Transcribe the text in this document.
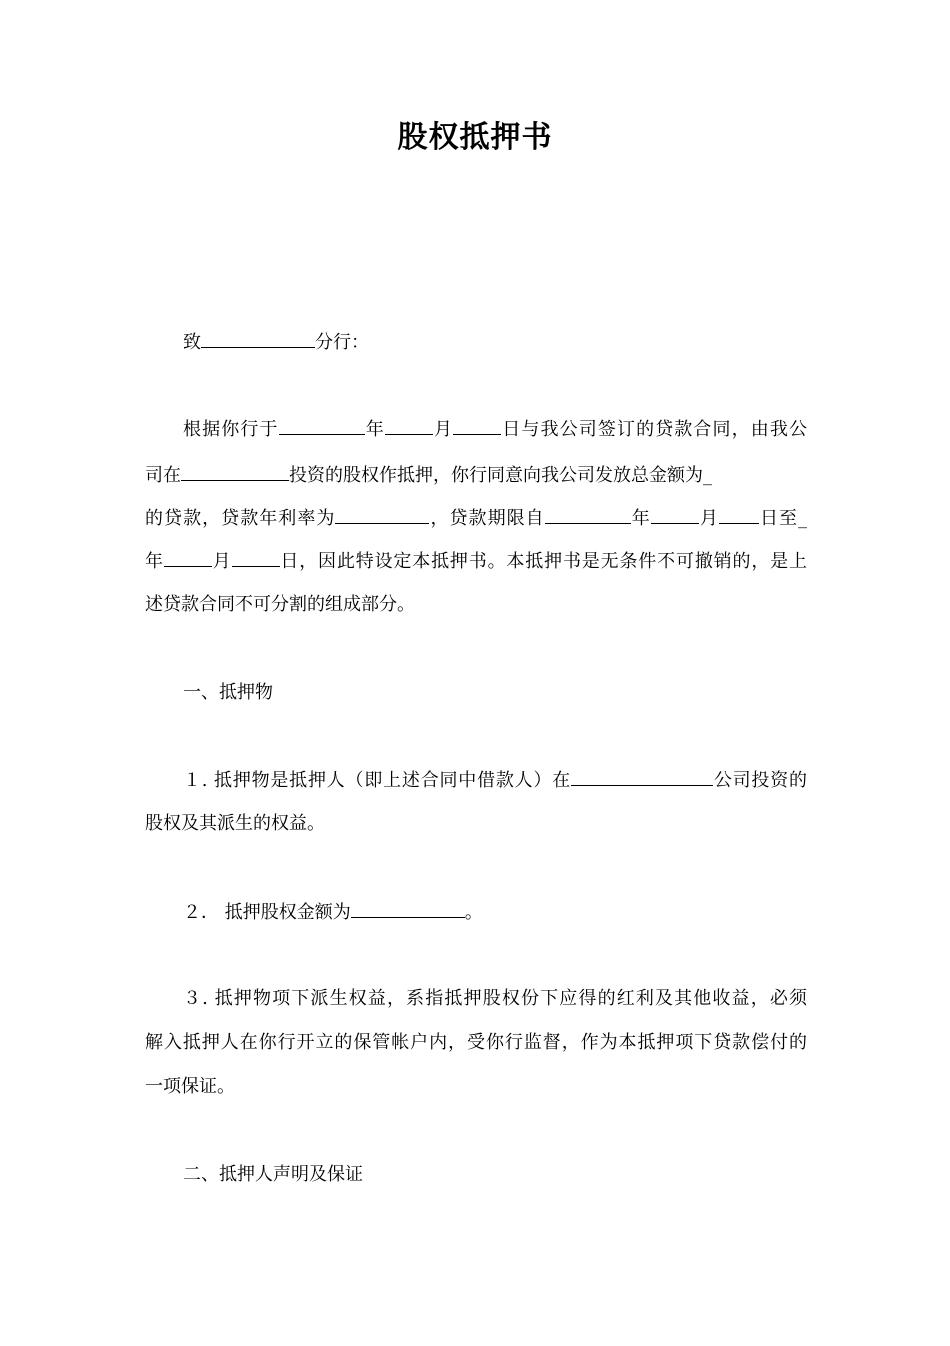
股权抵押书

致	分行：

根据你行于	年	月	日与我公司签订的贷款合同，由我公

司在	投资的股权作抵押，你行同意向我公司发放总金额为_

的贷款，贷款年利率为	，贷款期限自	年	月 日至_

年	月	日，因此特设定本抵押书。本抵押书是无条件不可撤销的，是上

述贷款合同不可分割的组成部分。

一、抵押物

１. 抵押物是抵押人（即上述合同中借款人）在	公司投资的

股权及其派生的权益。

２． 抵押股权金额为	。

３. 抵押物项下派生权益，系指抵押股权份下应得的红利及其他收益，必须

解入抵押人在你行开立的保管帐户内，受你行监督，作为本抵押项下贷款偿付的

一项保证。

二、抵押人声明及保证
